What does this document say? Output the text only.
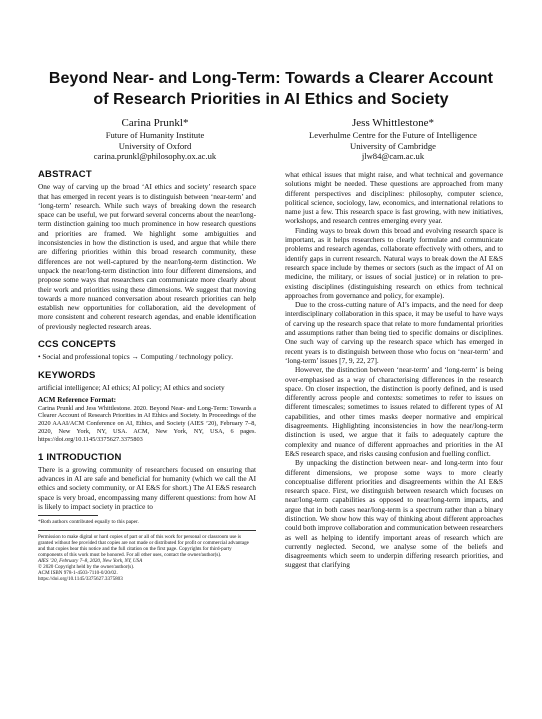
Beyond Near- and Long-Term: Towards a Clearer Account of Research Priorities in AI Ethics and Society
Carina Prunkl*
Future of Humanity Institute
University of Oxford
carina.prunkl@philosophy.ox.ac.uk
Jess Whittlestone*
Leverhulme Centre for the Future of Intelligence
University of Cambridge
jlw84@cam.ac.uk
ABSTRACT

One way of carving up the broad ‘AI ethics and society’ research space that has emerged in recent years is to distinguish between ‘near-term’ and ‘long-term’ research. While such ways of breaking down the research space can be useful, we put forward several concerns about the near/long-term distinction gaining too much prominence in how research questions and priorities are framed. We highlight some ambiguities and inconsistencies in how the distinction is used, and argue that while there are differing priorities within this broad research community, these differences are not well-captured by the near/long-term distinction. We unpack the near/long-term distinction into four different dimensions, and propose some ways that researchers can communicate more clearly about their work and priorities using these dimensions. We suggest that moving towards a more nuanced conversation about research priorities can help establish new opportunities for collaboration, aid the development of more consistent and coherent research agendas, and enable identification of previously neglected research areas.

CCS CONCEPTS

• Social and professional topics → Computing / technology policy.

KEYWORDS

artificial intelligence; AI ethics; AI policy; AI ethics and society

ACM Reference Format:

Carina Prunkl and Jess Whittlestone. 2020. Beyond Near- and Long-Term: Towards a Clearer Account of Research Priorities in AI Ethics and Society. In Proceedings of the 2020 AAAI/ACM Conference on AI, Ethics, and Society (AIES ’20), February 7–8, 2020, New York, NY, USA. ACM, New York, NY, USA, 6 pages. https://doi.org/10.1145/3375627.3375803

1 INTRODUCTION

There is a growing community of researchers focused on ensuring that advances in AI are safe and beneficial for humanity (which we call the AI ethics and society community, or AI E&S for short.) The AI E&S research space is very broad, encompassing many different questions: from how AI is likely to impact society in practice to

*Both authors contributed equally to this paper.
Permission to make digital or hard copies of part or all of this work for personal or classroom use is granted without fee provided that copies are not made or distributed for profit or commercial advantage and that copies bear this notice and the full citation on the first page. Copyrights for third-party components of this work must be honored. For all other uses, contact the owner/author(s).
AIES ’20, February 7–8, 2020, New York, NY, USA
© 2020 Copyright held by the owner/author(s).
ACM ISBN 978-1-4503-7110-0/20/02.
https://doi.org/10.1145/3375627.3375803

what ethical issues that might raise, and what technical and governance solutions might be needed. These questions are approached from many different perspectives and disciplines: philosophy, computer science, political science, sociology, law, economics, and international relations to name just a few. This research space is fast growing, with new initiatives, workshops, and research centres emerging every year.

Finding ways to break down this broad and evolving research space is important, as it helps researchers to clearly formulate and communicate problems and research agendas, collaborate effectively with others, and to identify gaps in current research. Natural ways to break down the AI E&S research space include by themes or sectors (such as the impact of AI on medicine, the military, or issues of social justice) or in relation to pre-existing disciplines (distinguishing research on ethics from technical approaches from governance and policy, for example).

Due to the cross-cutting nature of AI’s impacts, and the need for deep interdisciplinary collaboration in this space, it may be useful to have ways of carving up the research space that relate to more fundamental priorities and assumptions rather than being tied to specific domains or disciplines. One such way of carving up the research space which has emerged in recent years is to distinguish between those who focus on ‘near-term’ and ‘long-term’ issues [7, 9, 22, 27].

However, the distinction between ‘near-term’ and ‘long-term’ is being over-emphasised as a way of characterising differences in the research space. On closer inspection, the distinction is poorly defined, and is used differently across people and contexts: sometimes to refer to issues on different timescales; sometimes to issues related to different types of AI capabilities, and other times masks deeper normative and empirical disagreements. Highlighting inconsistencies in how the near/long-term distinction is used, we argue that it fails to adequately capture the complexity and nuance of different approaches and priorities in the AI E&S research space, and risks causing confusion and fuelling conflict.

By unpacking the distinction between near- and long-term into four different dimensions, we propose some ways to more clearly conceptualise different priorities and disagreements within the AI E&S research space. First, we distinguish between research which focuses on near/long-term capabilities as opposed to near/long-term impacts, and argue that in both cases near/long-term is a spectrum rather than a binary distinction. We show how this way of thinking about different approaches could both improve collaboration and communication between researchers as well as helping to identify important areas of research which are currently neglected. Second, we analyse some of the beliefs and disagreements which seem to underpin differing research priorities, and suggest that clarifying
